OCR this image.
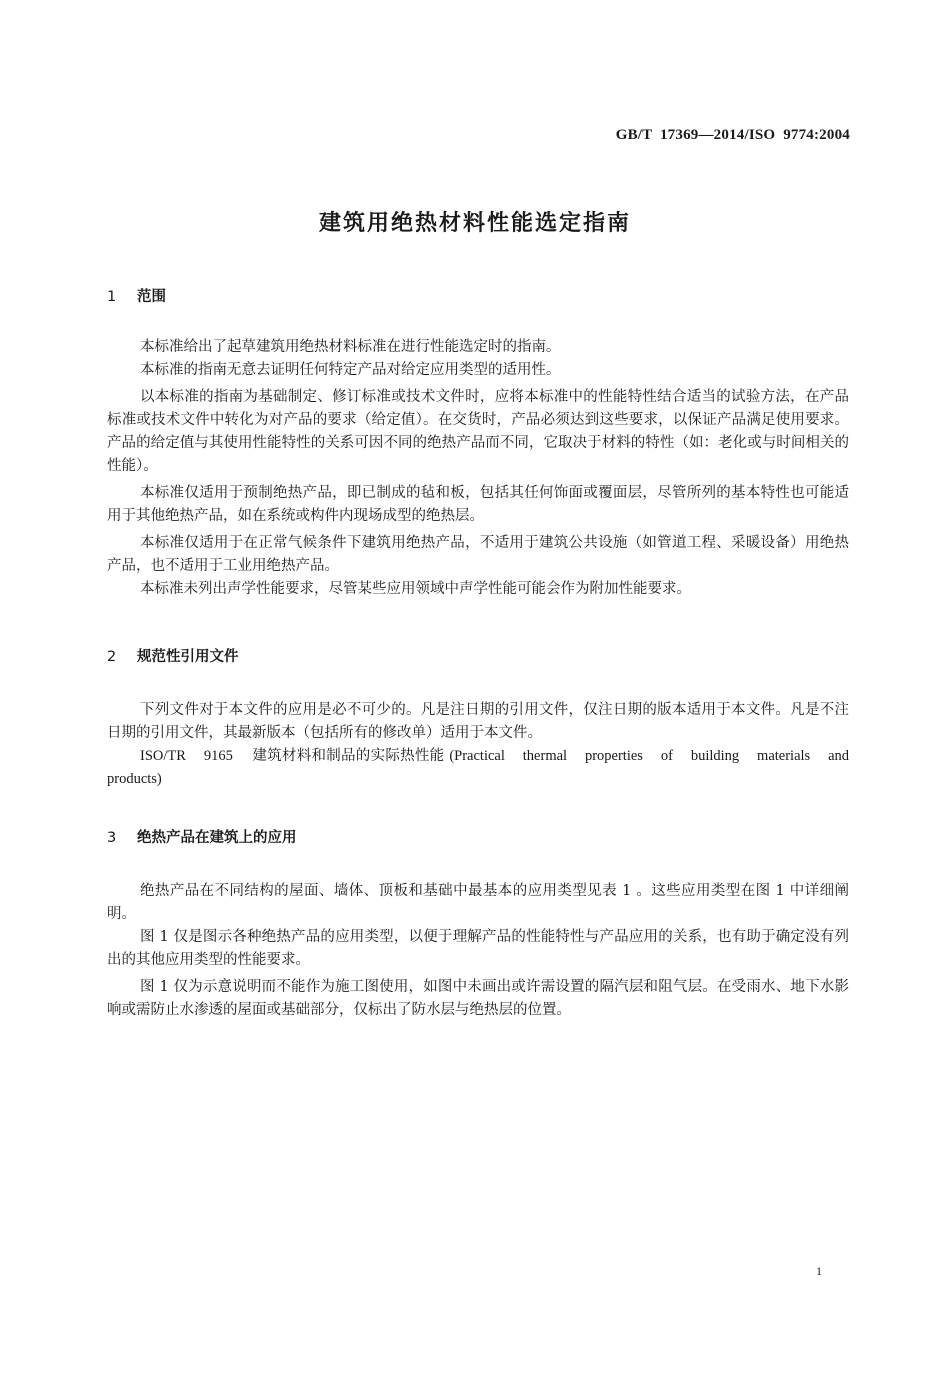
GB/T  17369—2014/ISO  9774:2004
建筑用绝热材料性能选定指南
1 范围

本标准给出了起草建筑用绝热材料标准在进行性能选定时的指南。

本标准的指南无意去证明任何特定产品对给定应用类型的适用性。

以本标准的指南为基础制定、修订标准或技术文件时，应将本标准中的性能特性结合适当的试验方法，在产品标准或技术文件中转化为对产品的要求（给定值）。在交货时，产品必须达到这些要求，以保证产品满足使用要求。产品的给定值与其使用性能特性的关系可因不同的绝热产品而不同，它取决于材料的特性（如：老化或与时间相关的性能）。

本标准仅适用于预制绝热产品，即已制成的毡和板，包括其任何饰面或覆面层，尽管所列的基本特性也可能适用于其他绝热产品，如在系统或构件内现场成型的绝热层。

本标准仅适用于在正常气候条件下建筑用绝热产品，不适用于建筑公共设施（如管道工程、采暖设备）用绝热产品，也不适用于工业用绝热产品。

本标准未列出声学性能要求，尽管某些应用领域中声学性能可能会作为附加性能要求。

2 规范性引用文件

下列文件对于本文件的应用是必不可少的。凡是注日期的引用文件，仅注日期的版本适用于本文件。凡是不注日期的引用文件，其最新版本（包括所有的修改单）适用于本文件。

ISO/TR 9165 建筑材料和制品的实际热性能 (Practical thermal properties of building materials and products)

3 绝热产品在建筑上的应用

绝热产品在不同结构的屋面、墙体、顶板和基础中最基本的应用类型见表 1 。这些应用类型在图 1 中详细阐明。

图 1 仅是图示各种绝热产品的应用类型，以便于理解产品的性能特性与产品应用的关系，也有助于确定没有列出的其他应用类型的性能要求。

图 1 仅为示意说明而不能作为施工图使用，如图中未画出或许需设置的隔汽层和阻气层。在受雨水、地下水影响或需防止水渗透的屋面或基础部分，仅标出了防水层与绝热层的位置。

1
